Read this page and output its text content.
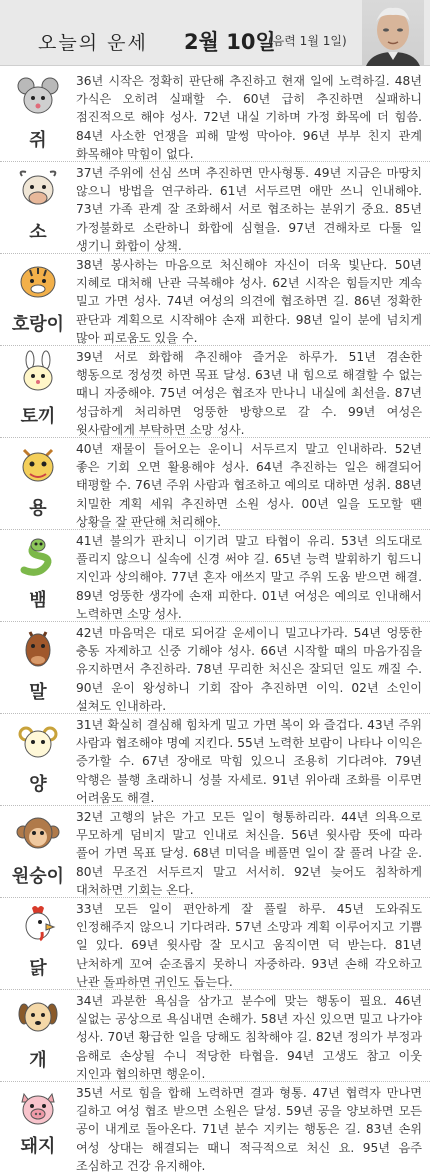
오늘의 운세 2월 10일
(음력 1월 1일)
쥐
36년 시작은 정확히 판단해 추진하고 현재 일에 노력하길. 48년 가식은 오히려 실패할 수. 60년 급히 추진하면 실패하니 점진적으로 해야 성사. 72년 내실 기하며 가정 화목에 더 힘씀. 84년 사소한 언쟁을 피해 말썽 막아야. 96년 부부 친지 관계 화목해야 막힘이 없다.
소
37년 주위에 선심 쓰며 추진하면 만사형통. 49년 지금은 마땅치 않으니 방법을 연구하라. 61년 서두르면 애만 쓰니 인내해야. 73년 가족 관계 잘 조화해서 서로 협조하는 분위기 중요. 85년 가정불화로 소란하니 화합에 심혈을. 97년 견해차로 다툴 일 생기니 화합이 상책.
호랑이
38년 봉사하는 마음으로 처신해야 자신이 더욱 빛난다. 50년 지혜로 대처해 난관 극복해야 성사. 62년 시작은 힘들지만 계속 밀고 가면 성사. 74년 여성의 의견에 협조하면 길. 86년 정확한 판단과 계획으로 시작해야 손재 피한다. 98년 일이 분에 넘치게 많아 피로움도 있을 수.
토끼
39년 서로 화합해 추진해야 즐거운 하루가. 51년 겸손한 행동으로 정성껏 하면 목표 달성. 63년 내 힘으로 해결할 수 없는 때니 자중해야. 75년 여성은 협조자 만나니 내실에 최선을. 87년 성급하게 처리하면 엉뚱한 방향으로 갈 수. 99년 여성은 윗사람에게 부탁하면 소망 성사.
용
40년 재물이 들어오는 운이니 서두르지 말고 인내하라. 52년 좋은 기회 오면 활용해야 성사. 64년 추진하는 일은 해결되어 태평할 수. 76년 주위 사람과 협조하고 예의로 대하면 성취. 88년 치밀한 계획 세워 추진하면 소원 성사. 00년 일을 도모할 땐 상황을 잘 판단해 처리해야.
뱀
41년 불의가 판치니 이기려 말고 타협이 유리. 53년 의도대로 풀리지 않으니 실속에 신경 써야 길. 65년 능력 발휘하기 힘드니 지인과 상의해야. 77년 혼자 애쓰지 말고 주위 도움 받으면 해결. 89년 엉뚱한 생각에 손재 피한다. 01년 여성은 예의로 인내해서 노력하면 소망 성사.
말
42년 마음먹은 대로 되어갈 운세이니 밀고나가라. 54년 엉뚱한 충동 자제하고 신중 기해야 성사. 66년 시작할 때의 마음가짐을 유지하면서 추진하라. 78년 무리한 처신은 잘되던 일도 깨질 수. 90년 운이 왕성하니 기회 잡아 추진하면 이익. 02년 소인이 설쳐도 인내하라.
양
31년 확실히 결심해 힘차게 밀고 가면 복이 와 즐겁다. 43년 주위 사람과 협조해야 명예 지킨다. 55년 노력한 보람이 나타나 이익은 증가할 수. 67년 장애로 막힘 있으니 조용히 기다려야. 79년 악행은 불행 초래하니 성불 자세로. 91년 위아래 조화를 이루면 어려움도 해결.
원숭이
32년 고행의 낡은 가고 모든 일이 형통하리라. 44년 의욕으로 무모하게 덤비지 말고 인내로 처신을. 56년 윗사람 뜻에 따라 풀어 가면 목표 달성. 68년 미덕을 베풀면 일이 잘 풀려 나갈 운. 80년 무조건 서두르지 말고 서서히. 92년 늦어도 침착하게 대처하면 기회는 온다.
닭
33년 모든 일이 편안하게 잘 풀릴 하루. 45년 도와줘도 인정해주지 않으니 기다려라. 57년 소망과 계획 이루어지고 기쁨 일 있다. 69년 윗사람 잘 모시고 움직이면 덕 받는다. 81년 난처하게 꼬여 순조롭지 못하니 자중하라. 93년 손해 각오하고 난관 돌파하면 귀인도 돕는다.
개
34년 과분한 욕심을 삼가고 분수에 맞는 행동이 필요. 46년 실없는 공상으로 욕심내면 손해가. 58년 자신 있으면 밀고 나가야 성사. 70년 황급한 일을 당해도 침착해야 길. 82년 정의가 부정과 음해로 손상될 수니 적당한 타협을. 94년 고생도 참고 이웃 지인과 협의하면 행운이.
돼지
35년 서로 힘을 합해 노력하면 결과 형통. 47년 협력자 만나면 길하고 여성 협조 받으면 소원은 달성. 59년 공을 양보하면 모든 공이 내게로 돌아온다. 71년 분수 지키는 행동은 길. 83년 손위 여성 상대는 해결되는 때니 적극적으로 처신 요. 95년 음주 조심하고 건강 유지해야.
